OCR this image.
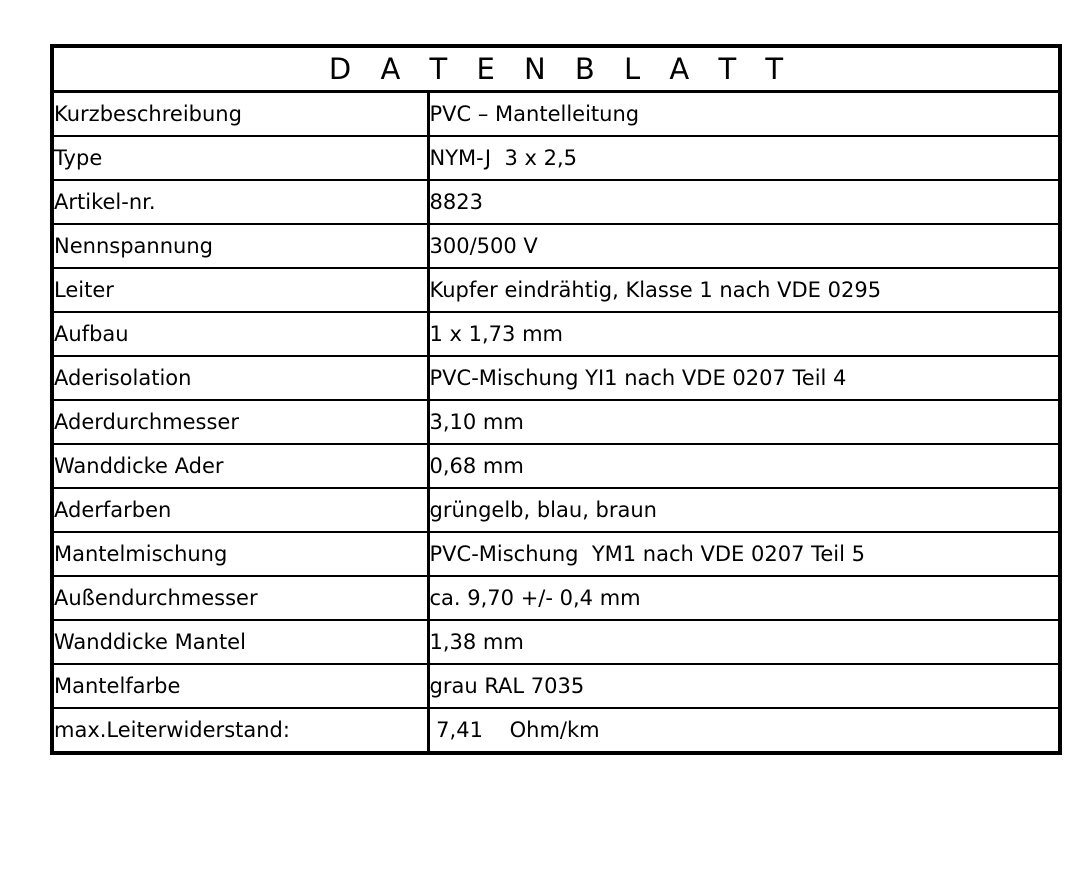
D A T E N B L A T T	

Kurzbeschreibung	PVC – Mantelleitung
Type	NYM-J  3 x 2,5
Artikel-nr.	8823
Nennspannung	300/500 V
Leiter	Kupfer eindrähtig, Klasse 1 nach VDE 0295
Aufbau	1 x 1,73 mm
Aderisolation	PVC-Mischung YI1 nach VDE 0207 Teil 4
Aderdurchmesser	3,10 mm
Wanddicke Ader	0,68 mm
Aderfarben	grüngelb, blau, braun
Mantelmischung	PVC-Mischung  YM1 nach VDE 0207 Teil 5
Außendurchmesser	ca. 9,70 +/- 0,4 mm
Wanddicke Mantel	1,38 mm
Mantelfarbe	grau RAL 7035
max.Leiterwiderstand:	7,41    Ohm/km
